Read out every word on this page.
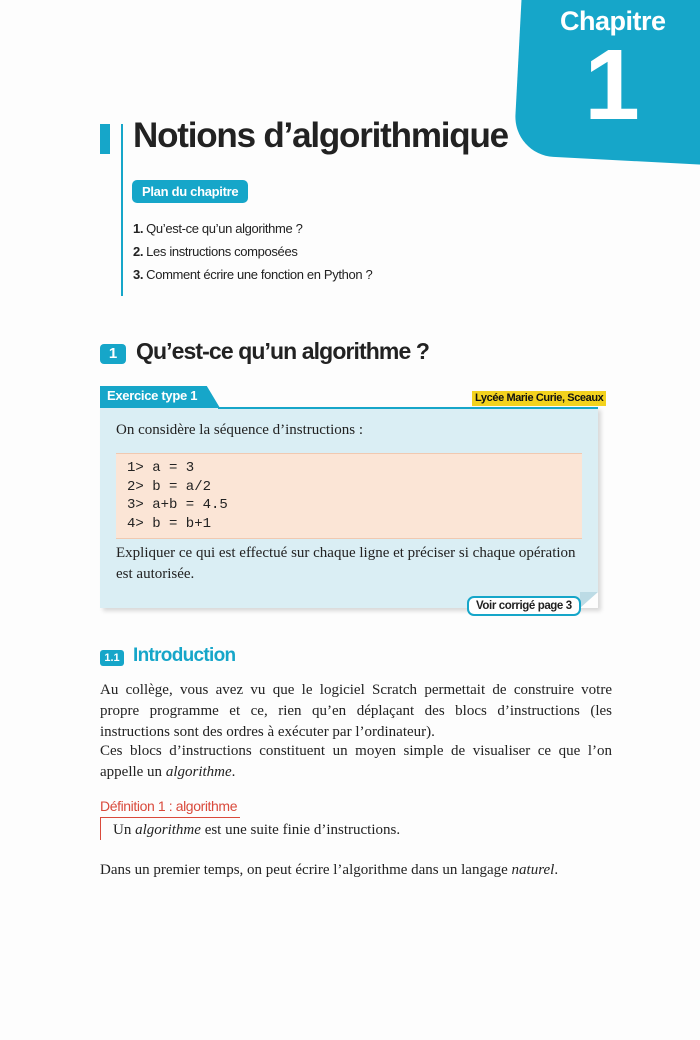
Chapitre
1
Notions d’algorithmique
Plan du chapitre
1. Qu’est-ce qu’un algorithme ?
2. Les instructions composées
3. Comment écrire une fonction en Python ?
1 Qu’est-ce qu’un algorithme ?
Exercice type 1	Lycée Marie Curie, Sceaux
On considère la séquence d’instructions :
1> a = 3
2> b = a/2
3> a+b = 4.5
4> b = b+1
Expliquer ce qui est effectué sur chaque ligne et préciser si chaque opération est autorisée.
Voir corrigé page 3
1.1 Introduction

Au collège, vous avez vu que le logiciel Scratch permettait de construire votre propre programme et ce, rien qu’en déplaçant des blocs d’instructions (les instructions sont des ordres à exécuter par l’ordinateur).

Ces blocs d’instructions constituent un moyen simple de visualiser ce que l’on appelle un algorithme.

Définition 1 : algorithme
Un algorithme est une suite finie d’instructions.

Dans un premier temps, on peut écrire l’algorithme dans un langage naturel.
